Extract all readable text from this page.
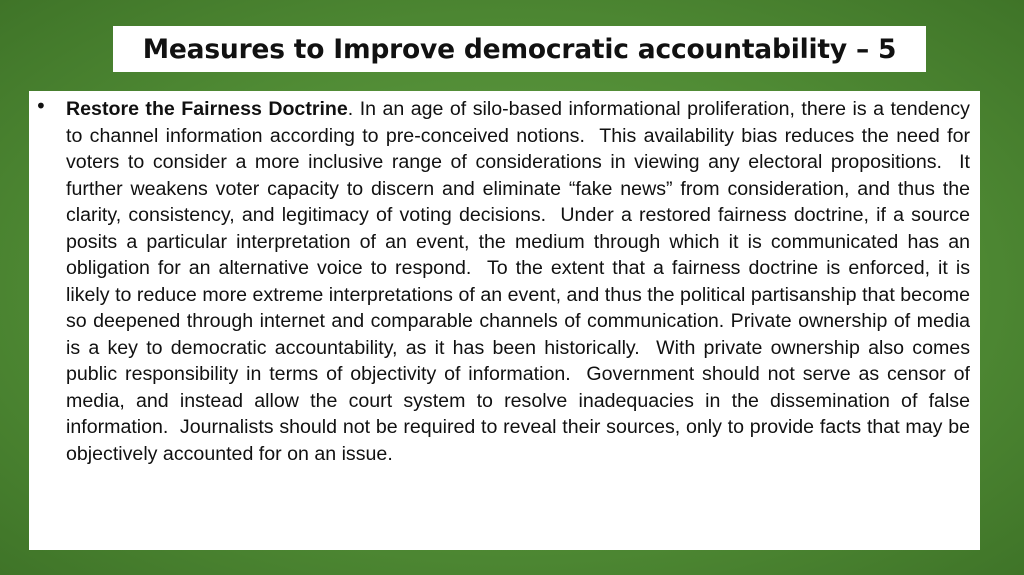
Measures to Improve democratic accountability – 5
• Restore the Fairness Doctrine. In an age of silo-based informational proliferation, there is a tendency to channel information according to pre-conceived notions.  This availability bias reduces the need for voters to consider a more inclusive range of considerations in viewing any electoral propositions.  It further weakens voter capacity to discern and eliminate “fake news” from consideration, and thus the clarity, consistency, and legitimacy of voting decisions.  Under a restored fairness doctrine, if a source posits a particular interpretation of an event, the medium through which it is communicated has an obligation for an alternative voice to respond.  To the extent that a fairness doctrine is enforced, it is likely to reduce more extreme interpretations of an event, and thus the political partisanship that become so deepened through internet and comparable channels of communication. Private ownership of media is a key to democratic accountability, as it has been historically.  With private ownership also comes public responsibility in terms of objectivity of information.  Government should not serve as censor of media, and instead allow the court system to resolve inadequacies in the dissemination of false information.  Journalists should not be required to reveal their sources, only to provide facts that may be objectively accounted for on an issue.
